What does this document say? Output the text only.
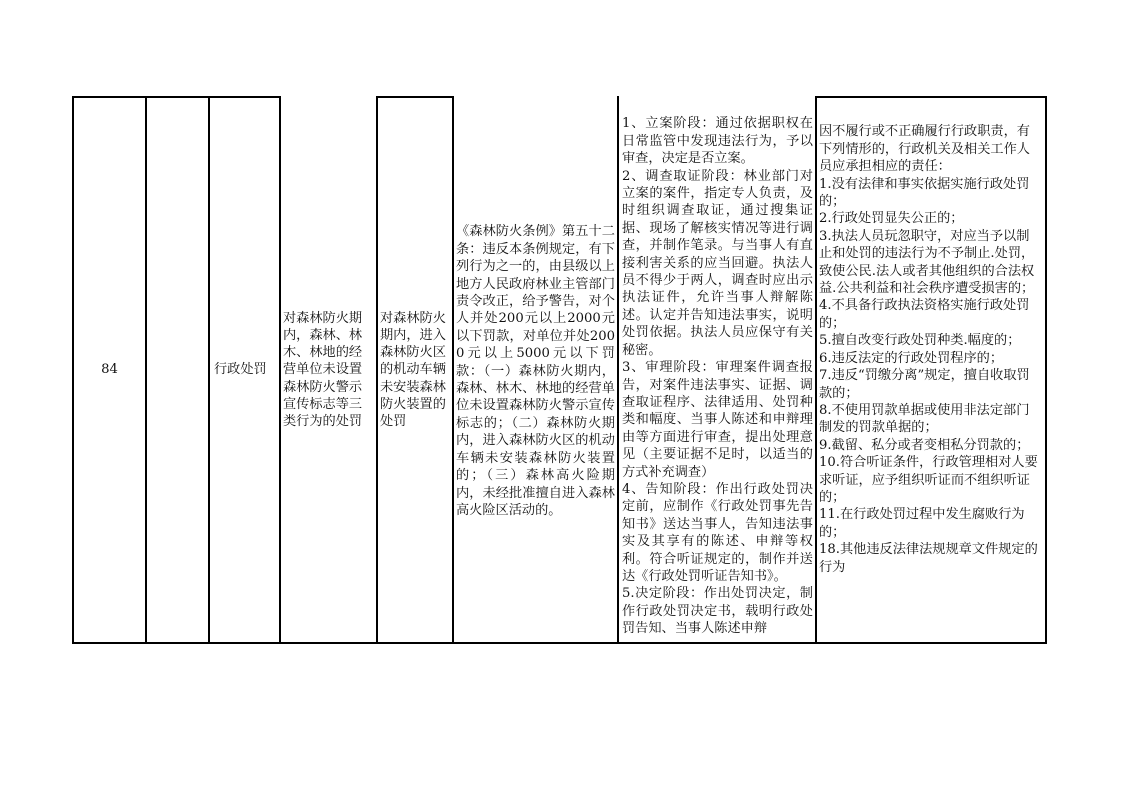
84	行政处罚
对森林防火期内，森林、林木、林地的经营单位未设置森林防火警示宣传标志等三类行为的处罚
对森林防火期内，进入森林防火区的机动车辆未安装森林防火装置的处罚

《森林防火条例》第五十二条：违反本条例规定，有下列行为之一的，由县级以上地方人民政府林业主管部门责令改正，给予警告，对个人并处200元以上2000元以下罚款，对单位并处2000元以上5000元以下罚款：（一）森林防火期内，森林、林木、林地的经营单位未设置森林防火警示宣传标志的；（二）森林防火期内，进入森林防火区的机动车辆未安装森林防火装置的；（三）森林高火险期内，未经批准擅自进入森林高火险区活动的。

1、立案阶段：通过依据职权在日常监管中发现违法行为，予以审查，决定是否立案。
2、调查取证阶段：林业部门对立案的案件，指定专人负责，及时组织调查取证，通过搜集证据、现场了解核实情况等进行调查，并制作笔录。与当事人有直接利害关系的应当回避。执法人员不得少于两人，调查时应出示执法证件，允许当事人辩解陈述。认定并告知违法事实，说明处罚依据。执法人员应保守有关秘密。
3、审理阶段：审理案件调查报告，对案件违法事实、证据、调查取证程序、法律适用、处罚种类和幅度、当事人陈述和申辩理由等方面进行审查，提出处理意见（主要证据不足时，以适当的方式补充调查）
4、告知阶段：作出行政处罚决定前，应制作《行政处罚事先告知书》送达当事人，告知违法事实及其享有的陈述、申辩等权利。符合听证规定的，制作并送达《行政处罚听证告知书》。
5.决定阶段：作出处罚决定，制作行政处罚决定书，载明行政处罚告知、当事人陈述申辩

因不履行或不正确履行行政职责，有下列情形的，行政机关及相关工作人员应承担相应的责任：
1.没有法律和事实依据实施行政处罚的；
2.行政处罚显失公正的；
3.执法人员玩忽职守，对应当予以制止和处罚的违法行为不予制止.处罚，致使公民.法人或者其他组织的合法权益.公共利益和社会秩序遭受损害的；
4.不具备行政执法资格实施行政处罚的；
5.擅自改变行政处罚种类.幅度的；
6.违反法定的行政处罚程序的；
7.违反“罚缴分离”规定，擅自收取罚款的；
8.不使用罚款单据或使用非法定部门制发的罚款单据的；
9.截留、私分或者变相私分罚款的；
10.符合听证条件，行政管理相对人要求听证，应予组织听证而不组织听证的；
11.在行政处罚过程中发生腐败行为的；
18.其他违反法律法规规章文件规定的行为
